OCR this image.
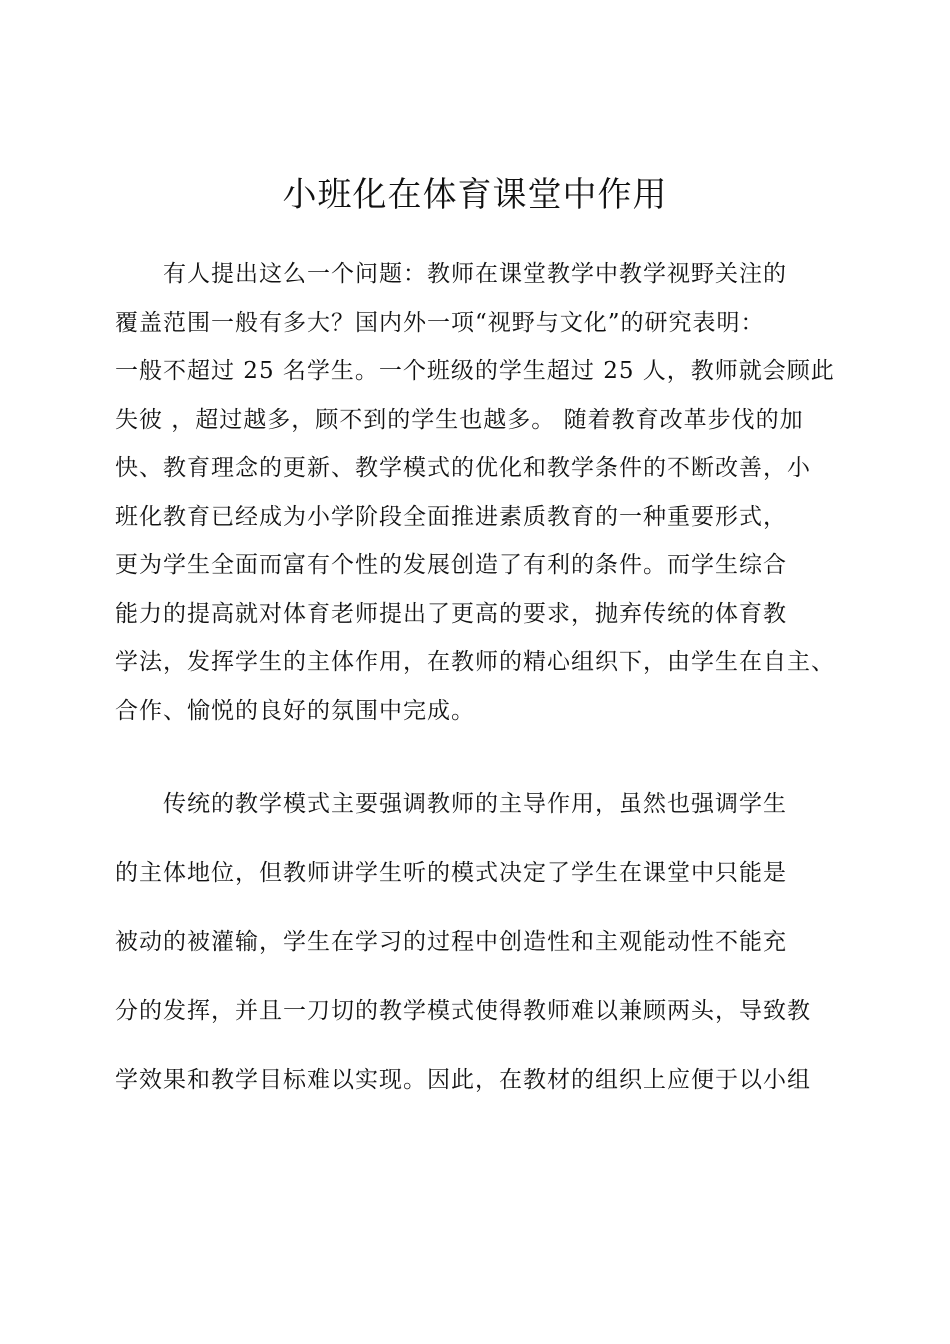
小班化在体育课堂中作用
有人提出这么一个问题：教师在课堂教学中教学视野关注的
覆盖范围一般有多大？国内外一项“视野与文化”的研究表明：
一般不超过 25 名学生。一个班级的学生超过 25 人，教师就会顾此
失彼 ，超过越多，顾不到的学生也越多。 随着教育改革步伐的加
快、教育理念的更新、教学模式的优化和教学条件的不断改善，小
班化教育已经成为小学阶段全面推进素质教育的一种重要形式，
更为学生全面而富有个性的发展创造了有利的条件。而学生综合
能力的提高就对体育老师提出了更高的要求，抛弃传统的体育教
学法，发挥学生的主体作用，在教师的精心组织下，由学生在自主、
合作、愉悦的良好的氛围中完成。
传统的教学模式主要强调教师的主导作用，虽然也强调学生
的主体地位，但教师讲学生听的模式决定了学生在课堂中只能是
被动的被灌输，学生在学习的过程中创造性和主观能动性不能充
分的发挥，并且一刀切的教学模式使得教师难以兼顾两头，导致教
学效果和教学目标难以实现。因此，在教材的组织上应便于以小组
